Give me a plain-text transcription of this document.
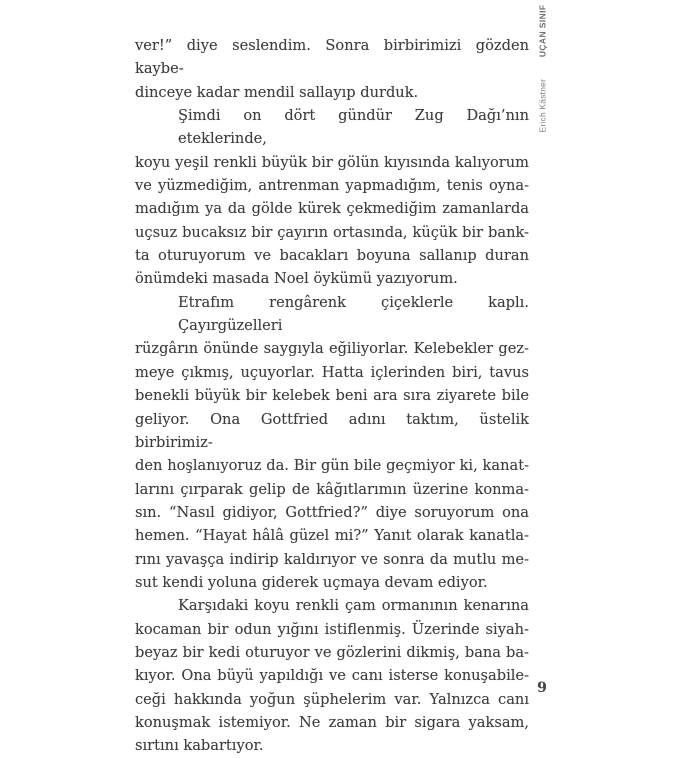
Erich Kästner
UÇAN SINIF
ver!” diye seslendim. Sonra birbirimizi gözden kaybe-
dinceye kadar mendil sallayıp durduk.
Şimdi on dört gündür Zug Dağı’nın eteklerinde,
koyu yeşil renkli büyük bir gölün kıyısında kalıyorum
ve yüzmediğim, antrenman yapmadığım, tenis oyna-
madığım ya da gölde kürek çekmediğim zamanlarda
uçsuz bucaksız bir çayırın ortasında, küçük bir bank-
ta oturuyorum ve bacakları boyuna sallanıp duran
önümdeki masada Noel öykümü yazıyorum.
Etrafım rengârenk çiçeklerle kaplı. Çayırgüzelleri
rüzgârın önünde saygıyla eğiliyorlar. Kelebekler gez-
meye çıkmış, uçuyorlar. Hatta içlerinden biri, tavus
benekli büyük bir kelebek beni ara sıra ziyarete bile
geliyor. Ona Gottfried adını taktım, üstelik birbirimiz-
den hoşlanıyoruz da. Bir gün bile geçmiyor ki, kanat-
larını çırparak gelip de kâğıtlarımın üzerine konma-
sın. “Nasıl gidiyor, Gottfried?” diye soruyorum ona
hemen. “Hayat hâlâ güzel mi?” Yanıt olarak kanatla-
rını yavaşça indirip kaldırıyor ve sonra da mutlu me-
sut kendi yoluna giderek uçmaya devam ediyor.
Karşıdaki koyu renkli çam ormanının kenarına
kocaman bir odun yığını istiflenmiş. Üzerinde siyah-
beyaz bir kedi oturuyor ve gözlerini dikmiş, bana ba-
kıyor. Ona büyü yapıldığı ve canı isterse konuşabile-
ceği hakkında yoğun şüphelerim var. Yalnızca canı
konuşmak istemiyor. Ne zaman bir sigara yaksam,
sırtını kabartıyor.
9
